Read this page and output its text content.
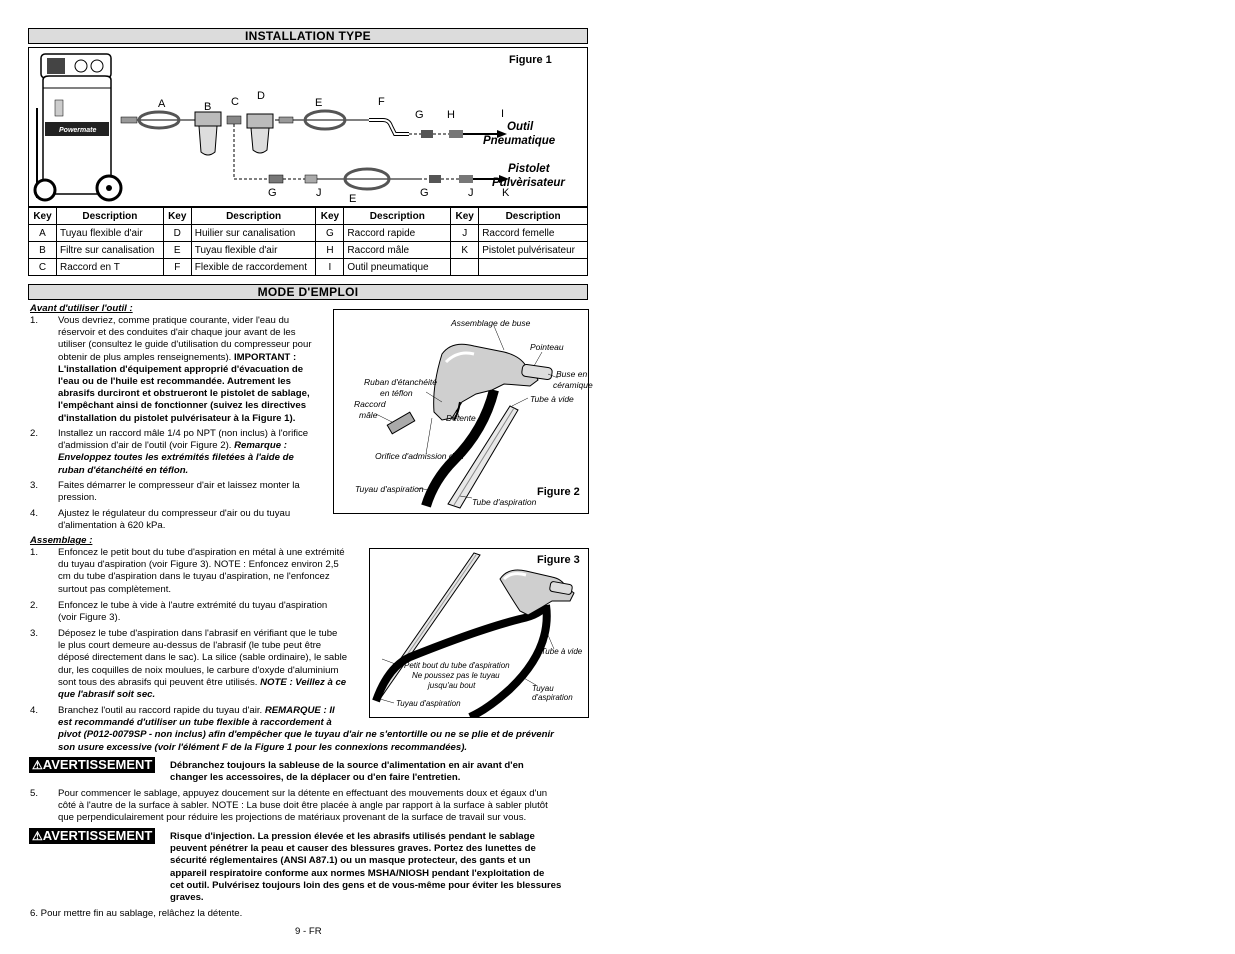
INSTALLATION TYPE
Powermate
Figure 1
A	B C D
E	F
G H	I
Outil
Pneumatique
Pistolet
Pulvèrisateur
G	J	E	G	J	K
Key	Description	Key	Description	Key	Description	Key	Description
A	Tuyau flexible d'air	D	Huilier sur canalisation	G	Raccord rapide	J	Raccord femelle
B	Filtre sur canalisation	E	Tuyau flexible d'air	H	Raccord mâle	K	Pistolet pulvérisateur
C	Raccord en T	F	Flexible de raccordement	I	Outil pneumatique		
MODE D'EMPLOI
Avant d'utiliser l'outil :
1. Vous devriez, comme pratique courante, vider l'eau du
réservoir et des conduites d'air chaque jour avant de les
utiliser (consultez le guide d'utilisation du compresseur pour
obtenir de plus amples renseignements). IMPORTANT :
L'installation d'équipement approprié d'évacuation de
l'eau ou de l'huile est recommandée. Autrement les
abrasifs durciront et obstrueront le pistolet de sablage,
l'empêchant ainsi de fonctionner (suivez les directives
d'installation du pistolet pulvérisateur à la Figure 1).
2. Installez un raccord mâle 1/4 po NPT (non inclus) à l'orifice
d'admission d'air de l'outil (voir Figure 2). Remarque :
Enveloppez toutes les extrémités filetées à l'aide de
ruban d'étanchéité en téflon.
3. Faites démarrer le compresseur d'air et laissez monter la
pression.
4. Ajustez le régulateur du compresseur d'air ou du tuyau
d'alimentation à 620 kPa.
Assemblage de buse
Pointeau
Buse en
céramique
Ruban d'étanchéité
en téflon
Raccord
mâle
Tube à vide
Détente
Orifice d'admission d'air
Tuyau d'aspiration
Tube d'aspiration
Figure 2
Assemblage :
1. Enfoncez le petit bout du tube d'aspiration en métal à une extrémité
du tuyau d'aspiration (voir Figure 3). NOTE : Enfoncez environ 2,5
cm du tube d'aspiration dans le tuyau d'aspiration, ne l'enfoncez
surtout pas complètement.
2. Enfoncez le tube à vide à l'autre extrémité du tuyau d'aspiration
(voir Figure 3).
3. Déposez le tube d'aspiration dans l'abrasif en vérifiant que le tube
le plus court demeure au-dessus de l'abrasif (le tube peut être
déposé directement dans le sac). La silice (sable ordinaire), le sable
dur, les coquilles de noix moulues, le carbure d'oxyde d'aluminium
sont tous des abrasifs qui peuvent être utilisés. NOTE : Veillez à ce
que l'abrasif soit sec.
4. Branchez l'outil au raccord rapide du tuyau d'air. REMARQUE : Il
est recommandé d'utiliser un tube flexible à raccordement à
pivot (P012-0079SP - non inclus) afin d'empêcher que le tuyau d'air ne s'entortille ou ne se plie et de prévenir
son usure excessive (voir l'élément F de la Figure 1 pour les connexions recommandées).
Figure 3
Petit bout du tube d'aspiration
Ne poussez pas le tuyau
jusqu'au bout
Tube à vide
Tuyau d'aspiration
Tuyau d'aspiration
⚠AVERTISSEMENT	Débranchez toujours la sableuse de la source d'alimentation en air avant d'en
changer les accessoires, de la déplacer ou d'en faire l'entretien.
5. Pour commencer le sablage, appuyez doucement sur la détente en effectuant des mouvements doux et égaux d'un
côté à l'autre de la surface à sabler. NOTE : La buse doit être placée à angle par rapport à la surface à sabler plutôt
que perpendiculairement pour réduire les projections de matériaux provenant de la surface de travail sur vous.
⚠AVERTISSEMENT	Risque d'injection. La pression élevée et les abrasifs utilisés pendant le sablage
peuvent pénétrer la peau et causer des blessures graves. Portez des lunettes de
sécurité réglementaires (ANSI A87.1) ou un masque protecteur, des gants et un
appareil respiratoire conforme aux normes MSHA/NIOSH pendant l'exploitation de
cet outil. Pulvérisez toujours loin des gens et de vous-même pour éviter les blessures
graves.
6. Pour mettre fin au sablage, relâchez la détente.
9 - FR
